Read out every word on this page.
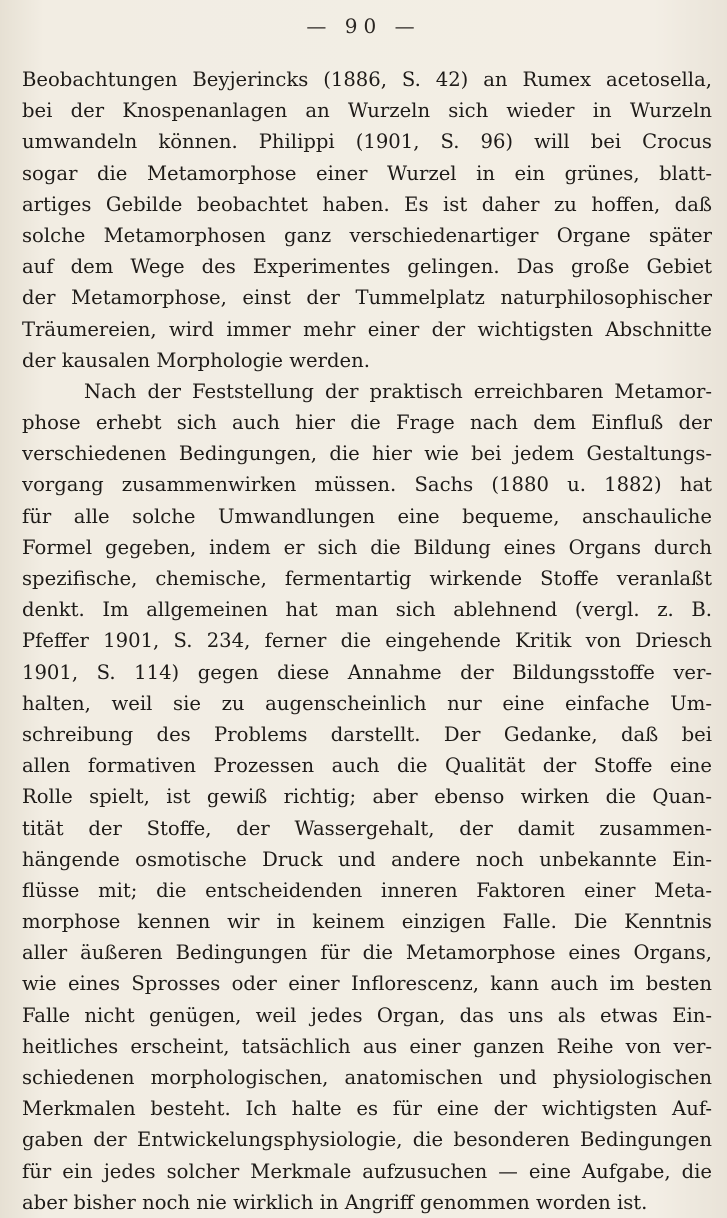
— 90 —
Beobachtungen Beyjerincks (1886, S. 42) an Rumex acetosella,
bei der Knospenanlagen an Wurzeln sich wieder in Wurzeln
umwandeln können. Philippi (1901, S. 96) will bei Crocus
sogar die Metamorphose einer Wurzel in ein grünes, blatt-
artiges Gebilde beobachtet haben. Es ist daher zu hoffen, daß
solche Metamorphosen ganz verschiedenartiger Organe später
auf dem Wege des Experimentes gelingen. Das große Gebiet
der Metamorphose, einst der Tummelplatz naturphilosophischer
Träumereien, wird immer mehr einer der wichtigsten Abschnitte
der kausalen Morphologie werden.
Nach der Feststellung der praktisch erreichbaren Metamor-
phose erhebt sich auch hier die Frage nach dem Einfluß der
verschiedenen Bedingungen, die hier wie bei jedem Gestaltungs-
vorgang zusammenwirken müssen. Sachs (1880 u. 1882) hat
für alle solche Umwandlungen eine bequeme, anschauliche
Formel gegeben, indem er sich die Bildung eines Organs durch
spezifische, chemische, fermentartig wirkende Stoffe veranlaßt
denkt. Im allgemeinen hat man sich ablehnend (vergl. z. B.
Pfeffer 1901, S. 234, ferner die eingehende Kritik von Driesch
1901, S. 114) gegen diese Annahme der Bildungsstoffe ver-
halten, weil sie zu augenscheinlich nur eine einfache Um-
schreibung des Problems darstellt. Der Gedanke, daß bei
allen formativen Prozessen auch die Qualität der Stoffe eine
Rolle spielt, ist gewiß richtig; aber ebenso wirken die Quan-
tität der Stoffe, der Wassergehalt, der damit zusammen-
hängende osmotische Druck und andere noch unbekannte Ein-
flüsse mit; die entscheidenden inneren Faktoren einer Meta-
morphose kennen wir in keinem einzigen Falle. Die Kenntnis
aller äußeren Bedingungen für die Metamorphose eines Organs,
wie eines Sprosses oder einer Inflorescenz, kann auch im besten
Falle nicht genügen, weil jedes Organ, das uns als etwas Ein-
heitliches erscheint, tatsächlich aus einer ganzen Reihe von ver-
schiedenen morphologischen, anatomischen und physiologischen
Merkmalen besteht. Ich halte es für eine der wichtigsten Auf-
gaben der Entwickelungsphysiologie, die besonderen Bedingungen
für ein jedes solcher Merkmale aufzusuchen — eine Aufgabe, die
aber bisher noch nie wirklich in Angriff genommen worden ist.
